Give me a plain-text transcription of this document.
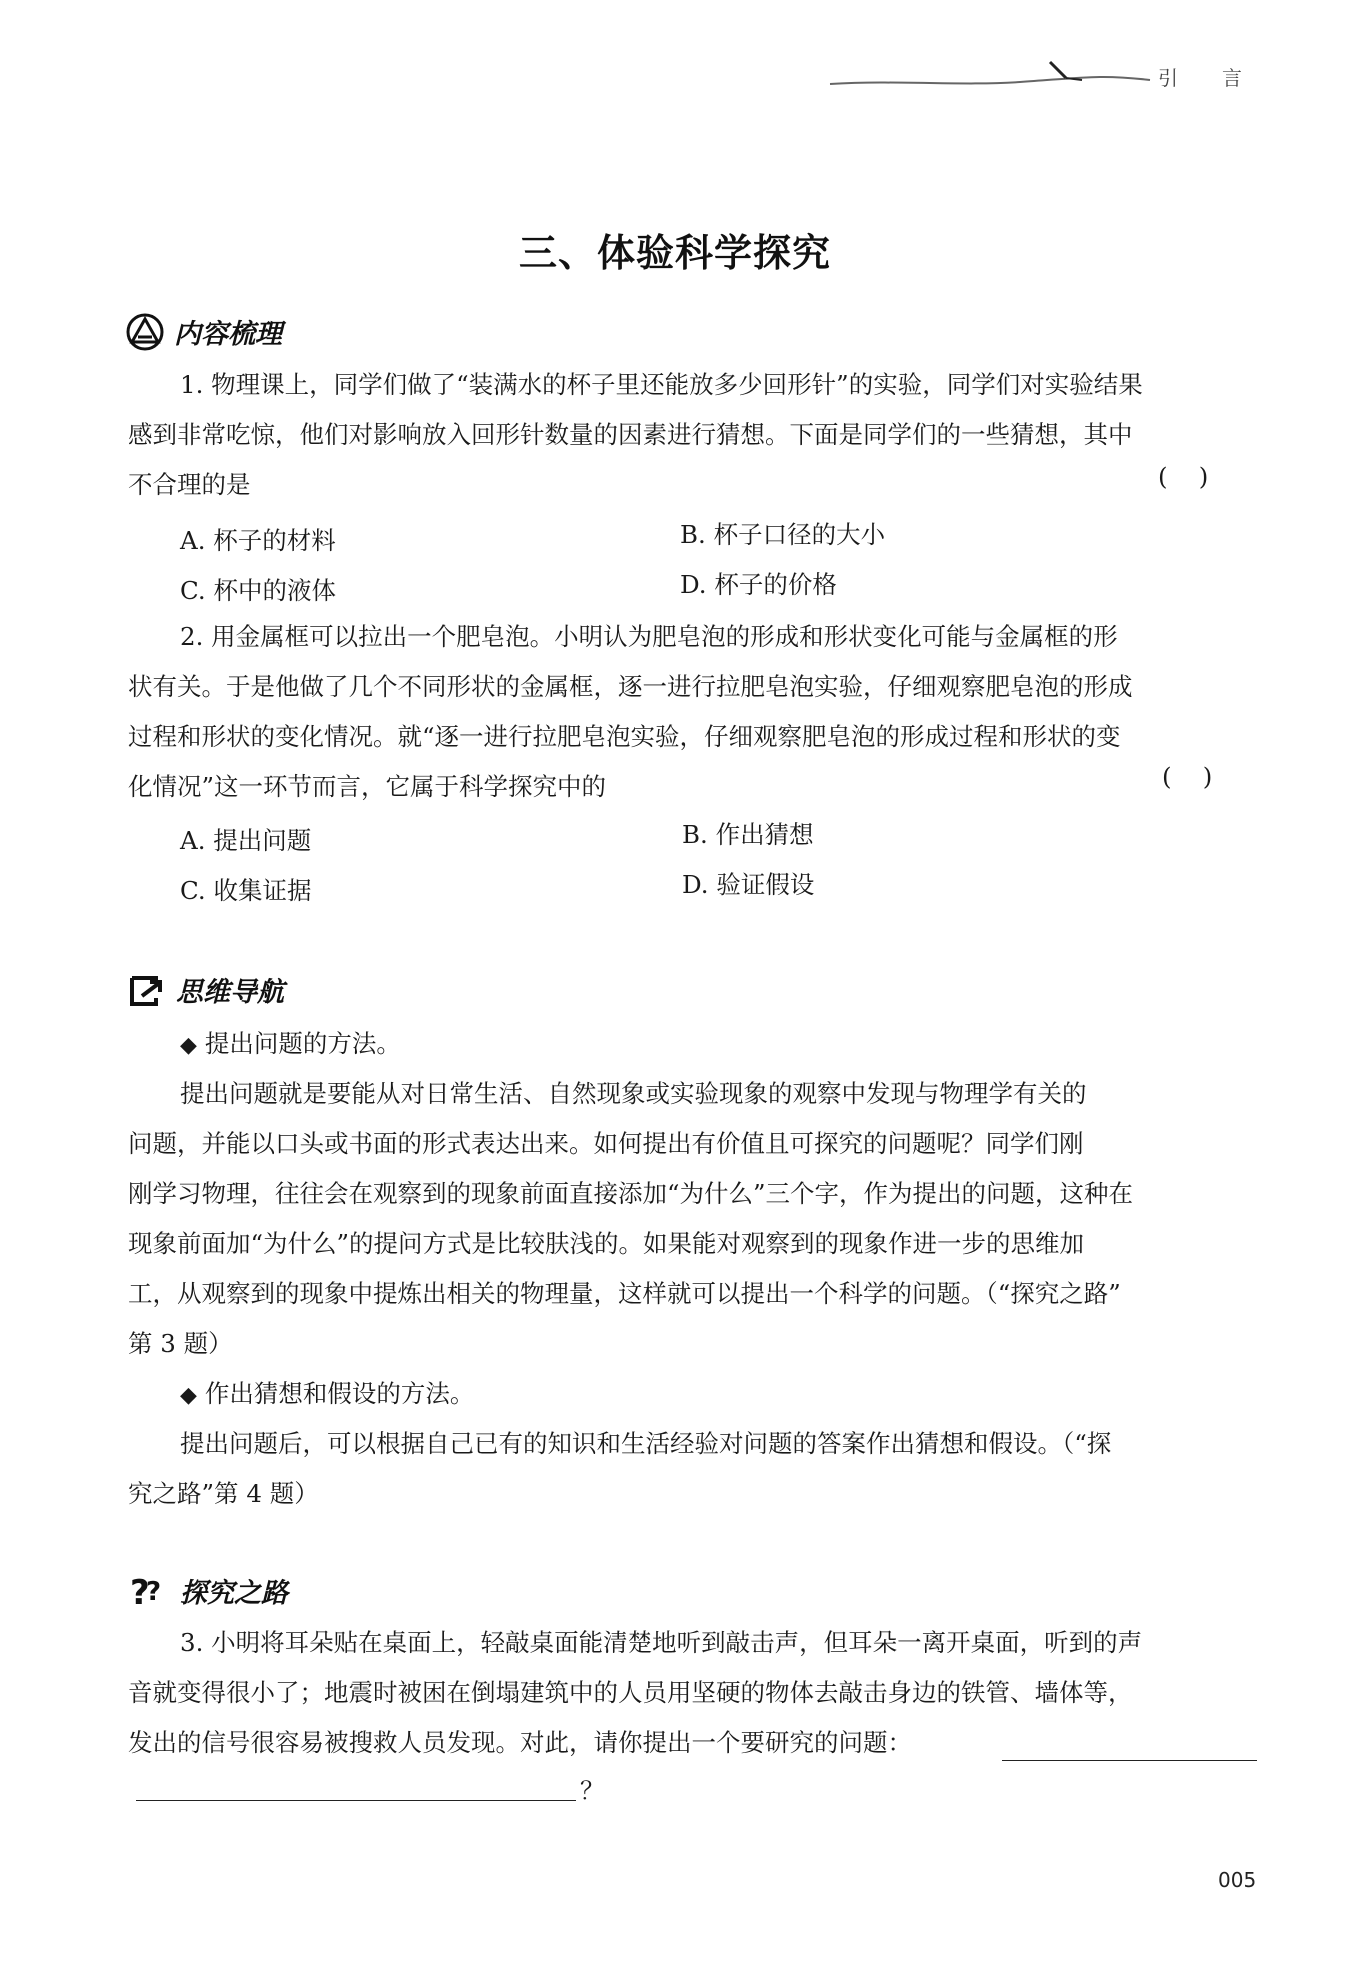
引 言
三、体验科学探究
内容梳理
1. 物理课上，同学们做了“装满水的杯子里还能放多少回形针”的实验，同学们对实验结果
感到非常吃惊，他们对影响放入回形针数量的因素进行猜想。下面是同学们的一些猜想，其中
不合理的是	(    )
A. 杯子的材料	B. 杯子口径的大小
C. 杯中的液体	D. 杯子的价格
2. 用金属框可以拉出一个肥皂泡。小明认为肥皂泡的形成和形状变化可能与金属框的形
状有关。于是他做了几个不同形状的金属框，逐一进行拉肥皂泡实验，仔细观察肥皂泡的形成
过程和形状的变化情况。就“逐一进行拉肥皂泡实验，仔细观察肥皂泡的形成过程和形状的变
化情况”这一环节而言，它属于科学探究中的	(    )
A. 提出问题	B. 作出猜想
C. 收集证据	D. 验证假设
思维导航
◆ 提出问题的方法。
提出问题就是要能从对日常生活、自然现象或实验现象的观察中发现与物理学有关的
问题，并能以口头或书面的形式表达出来。如何提出有价值且可探究的问题呢？同学们刚
刚学习物理，往往会在观察到的现象前面直接添加“为什么”三个字，作为提出的问题，这种在
现象前面加“为什么”的提问方式是比较肤浅的。如果能对观察到的现象作进一步的思维加
工，从观察到的现象中提炼出相关的物理量，这样就可以提出一个科学的问题。（“探究之路”
第 3 题）
◆ 作出猜想和假设的方法。
提出问题后，可以根据自己已有的知识和生活经验对问题的答案作出猜想和假设。（“探
究之路”第 4 题）
?
? 探究之路
3. 小明将耳朵贴在桌面上，轻敲桌面能清楚地听到敲击声，但耳朵一离开桌面，听到的声
音就变得很小了；地震时被困在倒塌建筑中的人员用坚硬的物体去敲击身边的铁管、墙体等，
发出的信号很容易被搜救人员发现。对此，请你提出一个要研究的问题：
？
005
